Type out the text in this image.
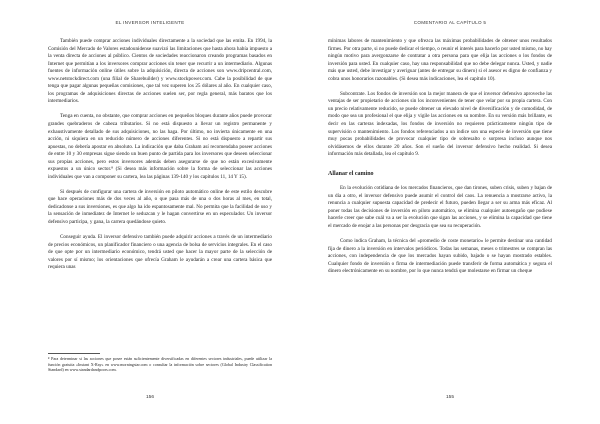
EL INVERSOR INTELIGENTE

También puede comprar acciones individuales directamente a la sociedad que las emita. En 1994, la Comisión del Mercado de Valores estadounidense suavizó las limitaciones que hasta ahora había impuesto a la venta directa de acciones al público. Cientos de sociedades reaccionaron creando programas basados en Internet que permitían a los inversores comprar acciones sin tener que recurrir a un intermediario. Algunas fuentes de información online útiles sobre la adquisición, directa de acciones son www.dripcentral.com, www.netstockdirect.com (una filial de Sharebuilder) y www.stockpower.com. Cabe la posibilidad de que tenga que pagar algunas pequeñas comisiones, que tal vez superen los 25 dólares al año. En cualquier caso, los programas de adquisiciones directas de acciones suelen ser, por regla general, más baratos que los intermediarios.

Tenga en cuenta, no obstante, que comprar acciones en pequeños bloques durante años puede provocar grandes quebraderos de cabeza tributarios. Si no está dispuesto a llevar un registro permanente y exhaustivamente detallado de sus adquisiciones, no las haga. Por último, no invierta únicamente en una acción, ni siquiera en un reducido número de acciones diferentes. Si no está dispuesto a repartir sus apuestas, no debería apostar en absoluto. La indicación que daba Graham así recomendaba poseer acciones de entre 10 y 30 empresas sigue siendo un buen punto de partida para los inversores que deseen seleccionar sus propias acciones, pero estos inversores además deben asegurarse de que no están excesivamente expuestos a un único sector.⁸ (Si desea más información sobre la forma de seleccionar las acciones individuales que van a componer su cartera, lea las páginas 139-140 y los capítulos 11, 14 Y 15).

Si después de configurar una cartera de inversión en piloto automático online de este estilo descubre que hace operaciones más de dos veces al año, o que pasa más de una o dos horas al mes, en total, dedicadonse a sus inversiones, es que algo ha ido espantosamente mal. No permita que la facilidad de uso y la sensación de inmediatez de Internet le seduzcan y le hagan convertirse en un especulador. Un inversor defensivo participa, y gana, la carrera quedándose quieto.

Conseguir ayuda. El inversor defensivo también puede adquirir acciones a través de un intermediario de precios económicos, un planificador financiero o una agencia de bolsa de servicios integrales. En el caso de que opte por un intermediario económico, tendrá usted que hacer la mayor parte de la selección de valores por sí mismo; los orientaciones que ofrecía Graham le ayudarán a crear una cartera básica que requiera unas

⁸ Para determinar si las acciones que posee están suficientemente diversificadas en diferentes sectores industriales, puede utilizar la función gratuita «Instant X-Ray» en www.morningstar.com o consultar la información sobre sectores (Global Industry Classification Standard) en www.standardandpoors.com.
156
COMENTARIO AL CAPÍTULO 5

mínimas labores de mantenimiento y que ofrezca las máximas probabilidades de obtener unos resultados firmes. Por otra parte, si no puede dedicar el tiempo, o reunir el interés para hacerlo por usted mismo, no hay ningún motivo para avergonzarse de contratar a otra persona para que elija las acciones o los fondos de inversión para usted. En cualquier caso, hay una responsabilidad que no debe delegar nunca. Usted, y nadie más que usted, debe investigar y averiguar (antes de entregar su dinero) si el asesor es digno de confianza y cobra unos honorarios razonables. (Si desea más indicaciones, lea el capítulo 10).

Subcontrate. Los fondos de inversión son la mejor manera de que el inversor defensivo aproveche las ventajas de ser propietario de acciones sin los inconvenientes de tener que velar por su propia cartera. Con un precio relativamente reducido, se puede obtener un elevado nivel de diversificación y de comodidad, de modo que sea un profesional el que elija y vigile las acciones en su nombre. En su versión más brillante, es decir en las carteras indexadas, los fondos de inversión no requieren prácticamente ningún tipo de supervisión o mantenimiento. Los fondos referenciados a un índice son una especie de inversión que tiene muy pocas probabilidades de provocar cualquier tipo de sobresalto o sorpresa incluso aunque nos olvidásemos de ellos durante 20 años. Son el sueño del inversor defensivo hecho realidad. Si desea información más detallada, lea el capítulo 9.

Allanar el camino

En la evolución cotidiana de los mercados financieros, que dan tirones, suben crisis, suben y bajan de un día a otro, el inversor defensivo puede asumir el control del caos. La renuencia a mostrarse activo, la renuncia a cualquier supuesta capacidad de predecir el futuro, pueden llegar a ser su arma más eficaz. Al poner todas las decisiones de inversión en piloto automático, se elimina cualquier autoengaño que pudiese hacerle creer que sabe cuál va a ser la evolución que sigan las acciones, y se elimina la capacidad que tiene el mercado de enojar a las personas por desgracia que sea su recuperación.

Como indica Graham, la técnica del «promedio de coste monetario» le permite destinar una cantidad fija de dinero a la inversión en intervalos periódicos. Todas las semanas, meses o trimestres se compran las acciones, con independencia de que los mercados hayan subido, bajado o se hayan mostrado estables. Cualquier fondo de inversión o firma de intermediación puede transferir de forma automática y segura el dinero electrónicamente en su nombre, por lo que nunca tendrá que molestarse en firmar un cheque

155
